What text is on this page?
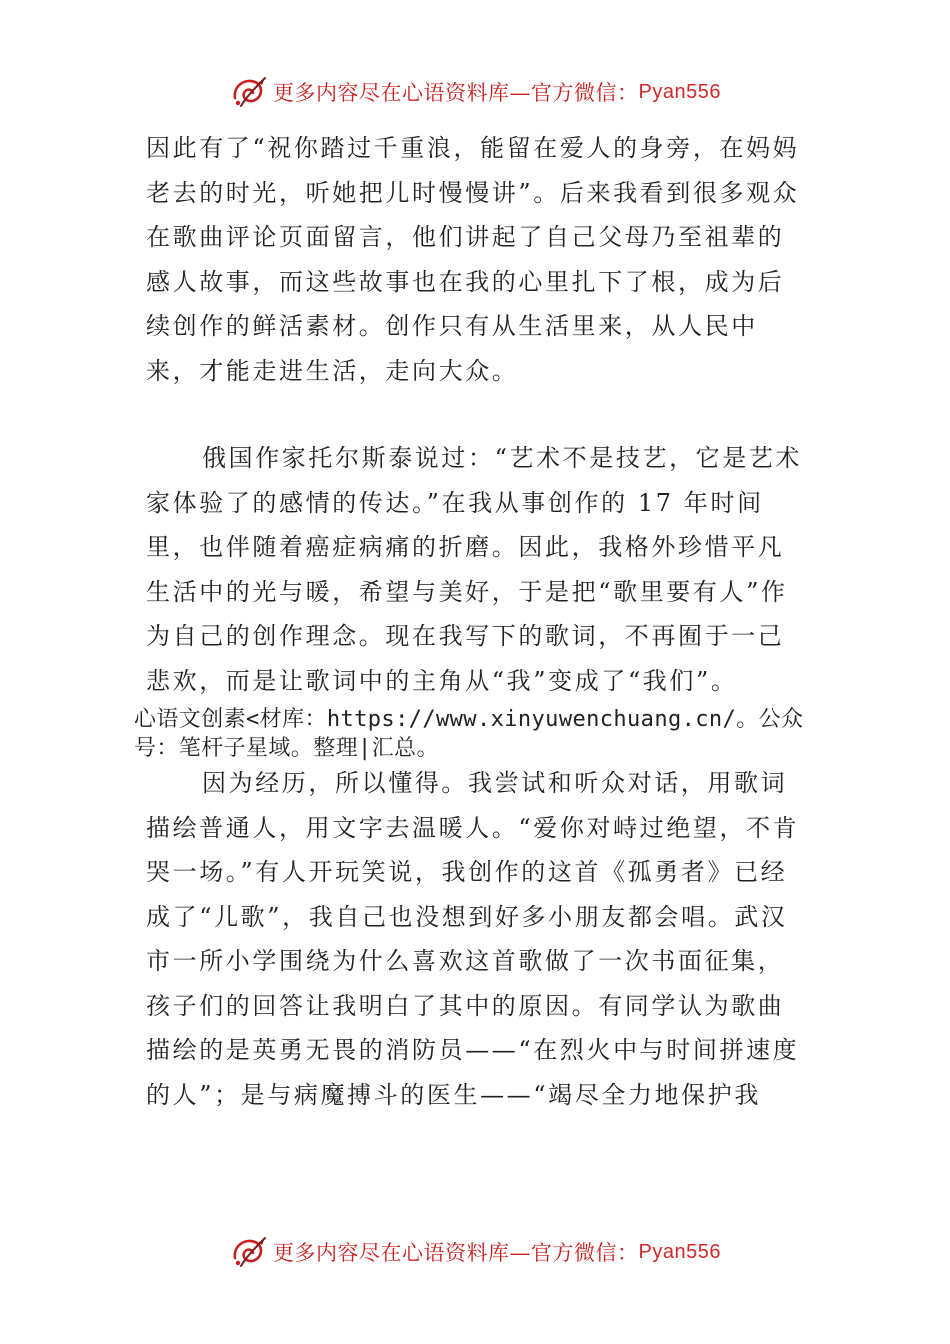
更多内容尽在心语资料库—官方微信： Pyan556
因此有了“祝你踏过千重浪，能留在爱人的身旁，在妈妈老去的时光，听她把儿时慢慢讲”。后来我看到很多观众在歌曲评论页面留言，他们讲起了自己父母乃至祖辈的感人故事，而这些故事也在我的心里扎下了根，成为后续创作的鲜活素材。创作只有从生活里来，从人民中来，才能走进生活，走向大众。
俄国作家托尔斯泰说过：“艺术不是技艺，它是艺术家体验了的感情的传达。”在我从事创作的 17 年时间里，也伴随着癌症病痛的折磨。因此，我格外珍惜平凡生活中的光与暖，希望与美好，于是把“歌里要有人”作为自己的创作理念。现在我写下的歌词，不再囿于一己悲欢，而是让歌词中的主角从“我”变成了“我们”。
心语文创素<材库：https://www.xinyuwenchuang.cn/。公众号：笔杆子星域。整理|汇总。
因为经历，所以懂得。我尝试和听众对话，用歌词描绘普通人，用文字去温暖人。“爱你对峙过绝望，不肯哭一场。”有人开玩笑说，我创作的这首《孤勇者》已经成了“儿歌”，我自己也没想到好多小朋友都会唱。武汉市一所小学围绕为什么喜欢这首歌做了一次书面征集，孩子们的回答让我明白了其中的原因。有同学认为歌曲描绘的是英勇无畏的消防员——“在烈火中与时间拼速度的人”；是与病魔搏斗的医生——“竭尽全力地保护我
更多内容尽在心语资料库—官方微信： Pyan556
